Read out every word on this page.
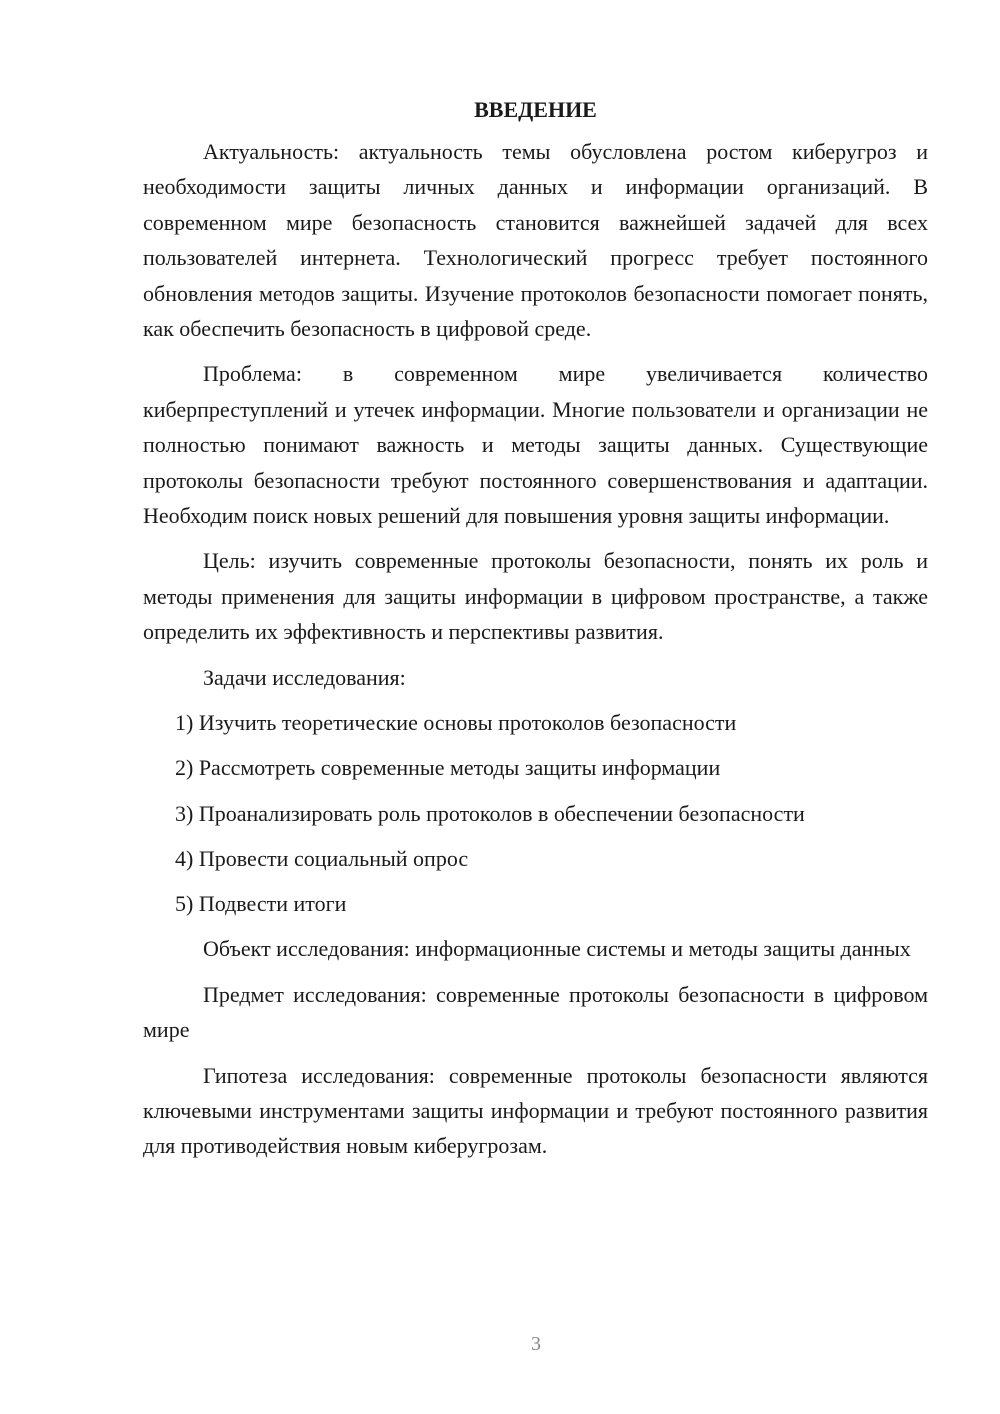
ВВЕДЕНИЕ

Актуальность: актуальность темы обусловлена ростом киберугроз и необходимости защиты личных данных и информации организаций. В современном мире безопасность становится важнейшей задачей для всех пользователей интернета. Технологический прогресс требует постоянного обновления методов защиты. Изучение протоколов безопасности помогает понять, как обеспечить безопасность в цифровой среде.

Проблема: в современном мире увеличивается количество киберпреступлений и утечек информации. Многие пользователи и организации не полностью понимают важность и методы защиты данных. Существующие протоколы безопасности требуют постоянного совершенствования и адаптации. Необходим поиск новых решений для повышения уровня защиты информации.

Цель: изучить современные протоколы безопасности, понять их роль и методы применения для защиты информации в цифровом пространстве, а также определить их эффективность и перспективы развития.

Задачи исследования:

1) Изучить теоретические основы протоколов безопасности
2) Рассмотреть современные методы защиты информации
3) Проанализировать роль протоколов в обеспечении безопасности
4) Провести социальный опрос
5) Подвести итоги

Объект исследования: информационные системы и методы защиты данных

Предмет исследования: современные протоколы безопасности в цифровом мире

Гипотеза исследования: современные протоколы безопасности являются ключевыми инструментами защиты информации и требуют постоянного развития для противодействия новым киберугрозам.

3
